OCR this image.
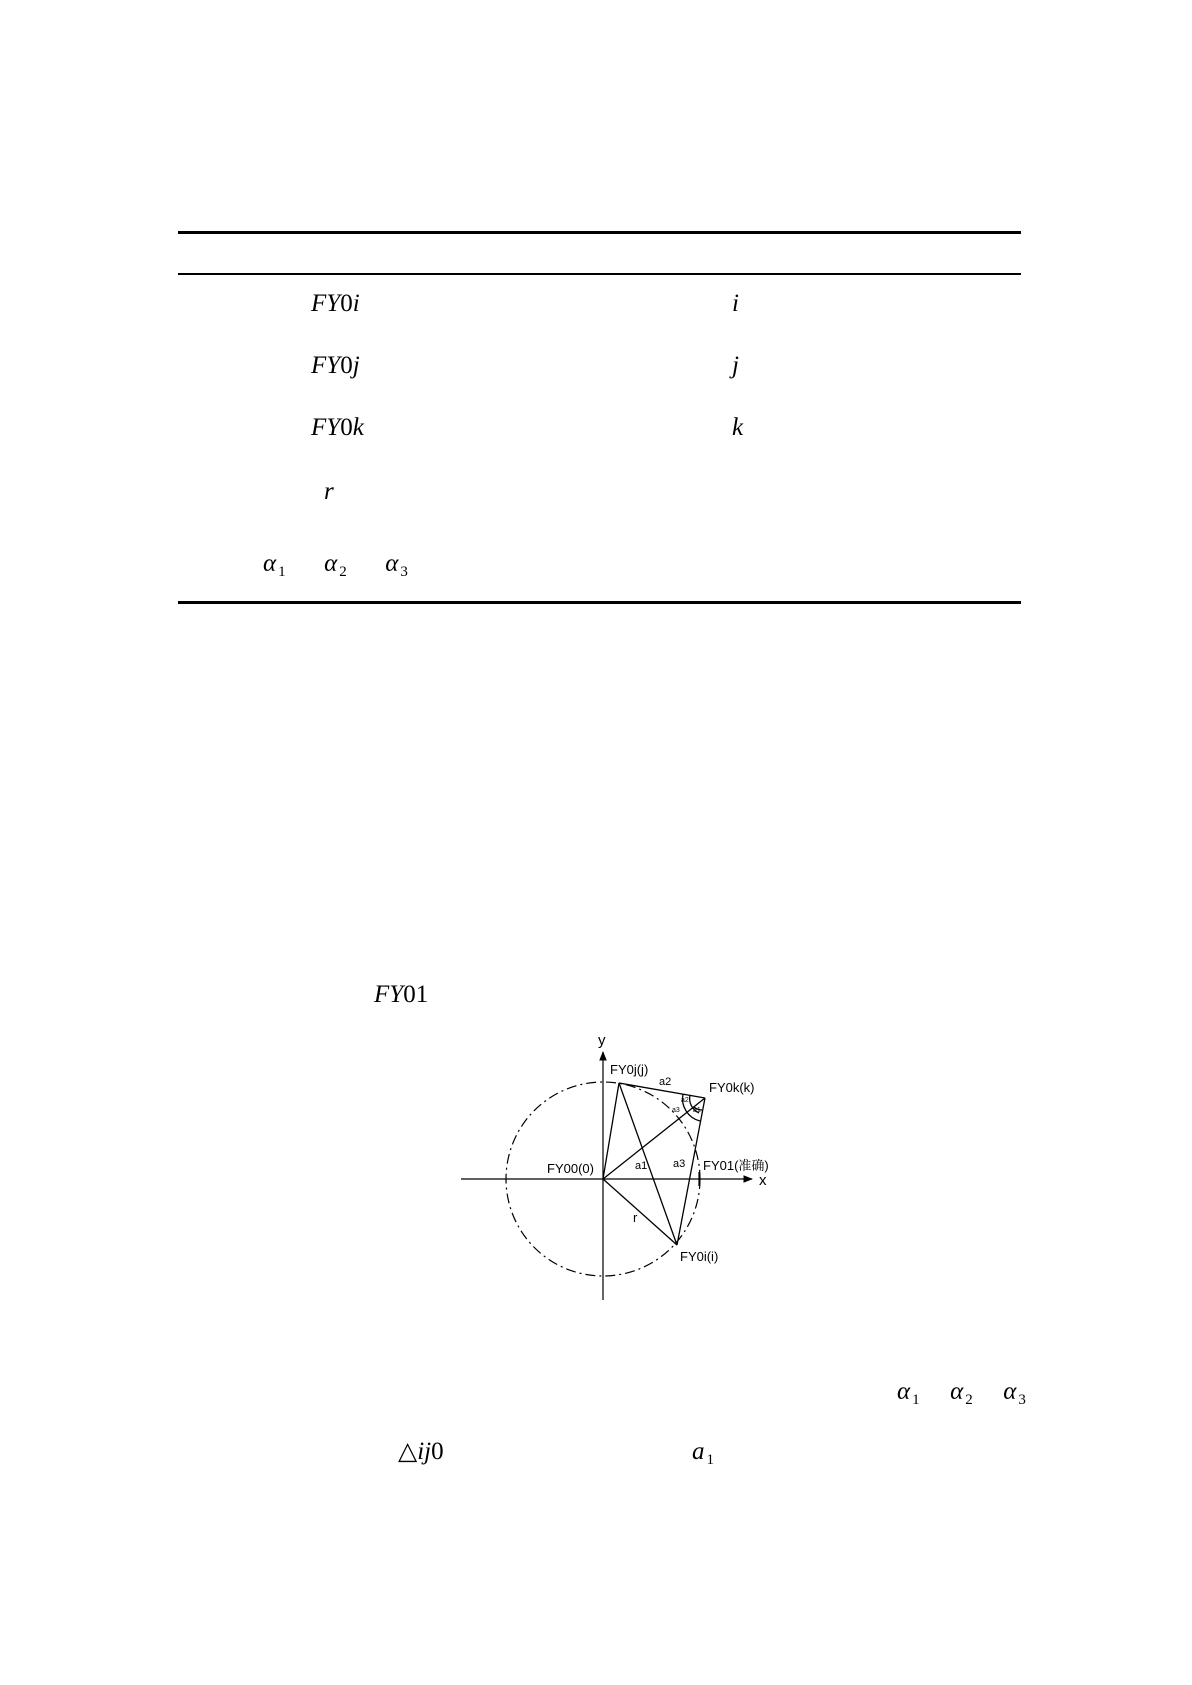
FY0i	i
FY0j	j
FY0k	k
r
α $_1$ α $_2$ α $_3$
FY01
α $_1$ α $_2$ α $_3$
△ij0	a $_1$
y
x
FY0j(j)
FY0k(k)
FY00(0)	FY01(准确)
FY0i(i)
a1
a2
a3
r
a2
a1
a3
